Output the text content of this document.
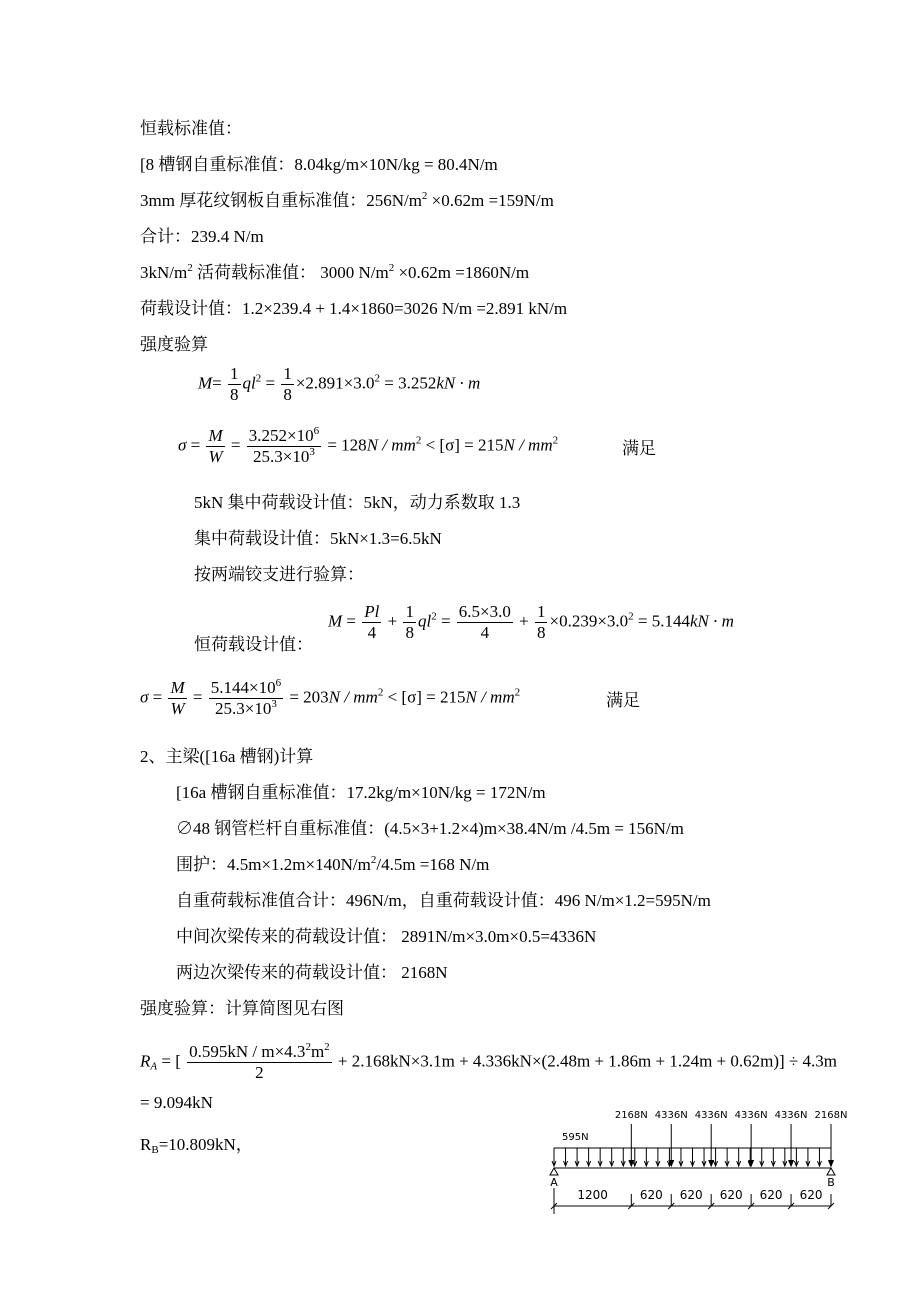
恒载标准值：
[8 槽钢自重标准值：8.04kg/m×10N/kg = 80.4N/m
3mm 厚花纹钢板自重标准值：$256N/m^2 \times 0.62m =159N/m$
合计：239.4 N/m
$3kN/m^2$ 活荷载标准值： 3000 $N/m^2 \times 0.62m =1860N/m$
荷载设计值：1.2×239.4 + 1.4×1860=3026 N/m =2.891 kN/m
强度验算
$M= \frac{1}{8} ql^2 = \frac{1}{8} \times 2.891\times 3.0^2 = 3.252kN \cdot m$
$\sigma = \frac{M}{W} = \frac{3.252\times 10^6}{25.3\times 10^3} = 128N / mm^2 < [\sigma] = 215N / mm^2$	满足
5kN 集中荷载设计值：5kN，动力系数取 1.3
集中荷载设计值：5kN×1.3=6.5kN
按两端铰支进行验算：
$M = \frac{Pl}{4} + \frac{1}{8} ql^2 = \frac{6.5\times 3.0}{4} + \frac{1}{8} \times 0.239\times 3.0^2 = 5.144kN \cdot m$
恒荷载设计值：
$\sigma = \frac{M}{W} = \frac{5.144\times 10^6}{25.3\times 10^3} = 203N / mm^2 < [\sigma] = 215N / mm^2$	满足
2、主梁([16a 槽钢)计算
[16a 槽钢自重标准值：17.2kg/m×10N/kg = 172N/m
∅48 钢管栏杆自重标准值：(4.5×3+1.2×4)m×38.4N/m /4.5m = 156N/m
围护：$4.5m\times 1.2m\times 140N/m^2/4.5m =168$ N/m
自重荷载标准值合计：496N/m，自重荷载设计值：496 N/m×1.2=595N/m
中间次梁传来的荷载设计值： 2891N/m×3.0m×0.5=4336N
两边次梁传来的荷载设计值： 2168N
强度验算：计算简图见右图
$R_A$ = [ $\frac{0.595kN / m\times 4.3^2m^2}{2} + 2.168kN\times 3.1m + 4.336kN\times(2.48m + 1.86m + 1.24m + 0.62m)] \div 4.3m$
= 9.094kN
$R_B=10.809kN$，	595N
2168N 4336N 4336N 4336N 4336N 2168N
A	B
1200	620 620 620 620 620
